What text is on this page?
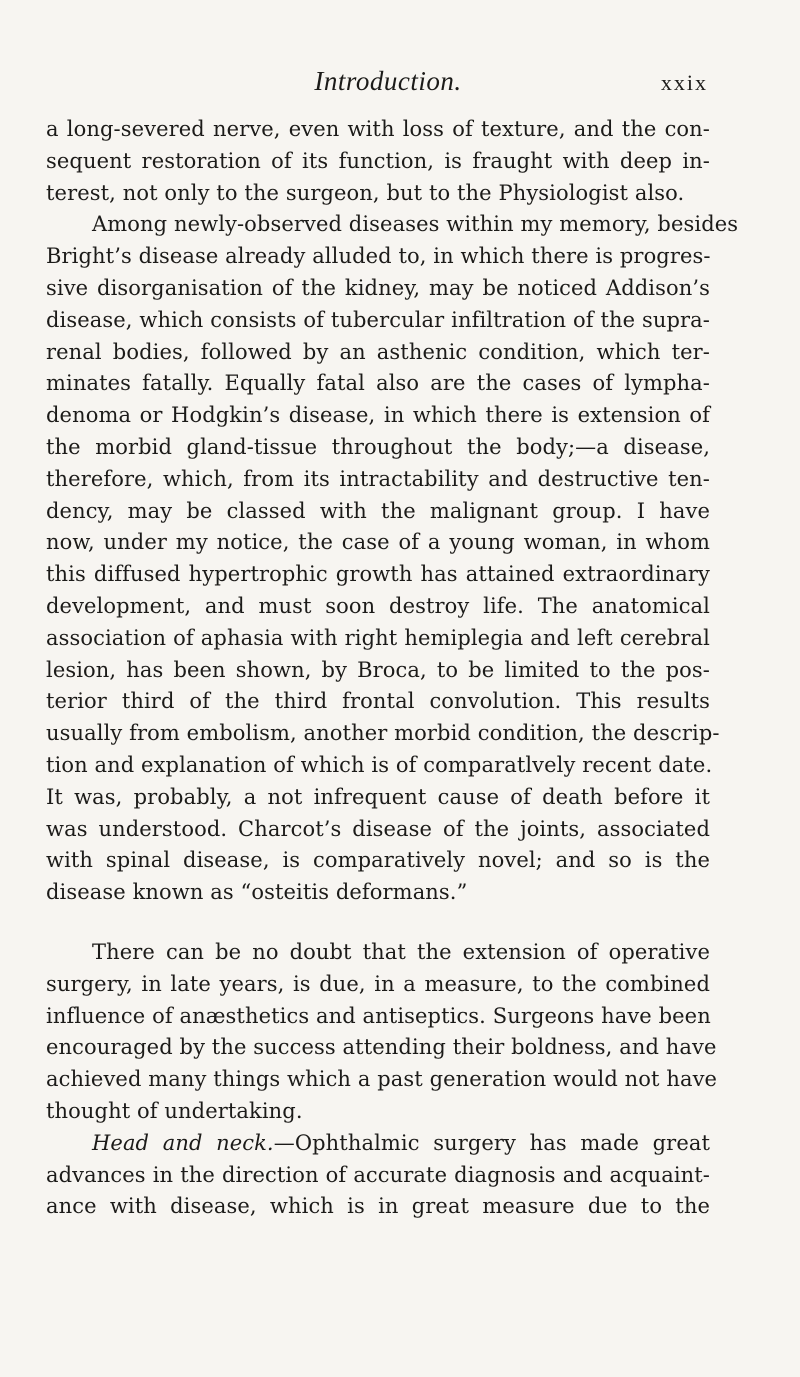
Introduction.	xxix
a long-severed nerve, even with loss of texture, and the con-
sequent restoration of its function, is fraught with deep in-
terest, not only to the surgeon, but to the Physiologist also.
Among newly-observed diseases within my memory, besides
Bright’s disease already alluded to, in which there is progres-
sive disorganisation of the kidney, may be noticed Addison’s
disease, which consists of tubercular infiltration of the supra-
renal bodies, followed by an asthenic condition, which ter-
minates fatally. Equally fatal also are the cases of lympha-
denoma or Hodgkin’s disease, in which there is extension of
the morbid gland-tissue throughout the body;—a disease,
therefore, which, from its intractability and destructive ten-
dency, may be classed with the malignant group. I have
now, under my notice, the case of a young woman, in whom
this diffused hypertrophic growth has attained extraordinary
development, and must soon destroy life. The anatomical
association of aphasia with right hemiplegia and left cerebral
lesion, has been shown, by Broca, to be limited to the pos-
terior third of the third frontal convolution. This results
usually from embolism, another morbid condition, the descrip-
tion and explanation of which is of comparatlvely recent date.
It was, probably, a not infrequent cause of death before it
was understood. Charcot’s disease of the joints, associated
with spinal disease, is comparatively novel; and so is the
disease known as “osteitis deformans.”
There can be no doubt that the extension of operative
surgery, in late years, is due, in a measure, to the combined
influence of anæsthetics and antiseptics. Surgeons have been
encouraged by the success attending their boldness, and have
achieved many things which a past generation would not have
thought of undertaking.
Head and neck.—Ophthalmic surgery has made great
advances in the direction of accurate diagnosis and acquaint-
ance with disease, which is in great measure due to the
